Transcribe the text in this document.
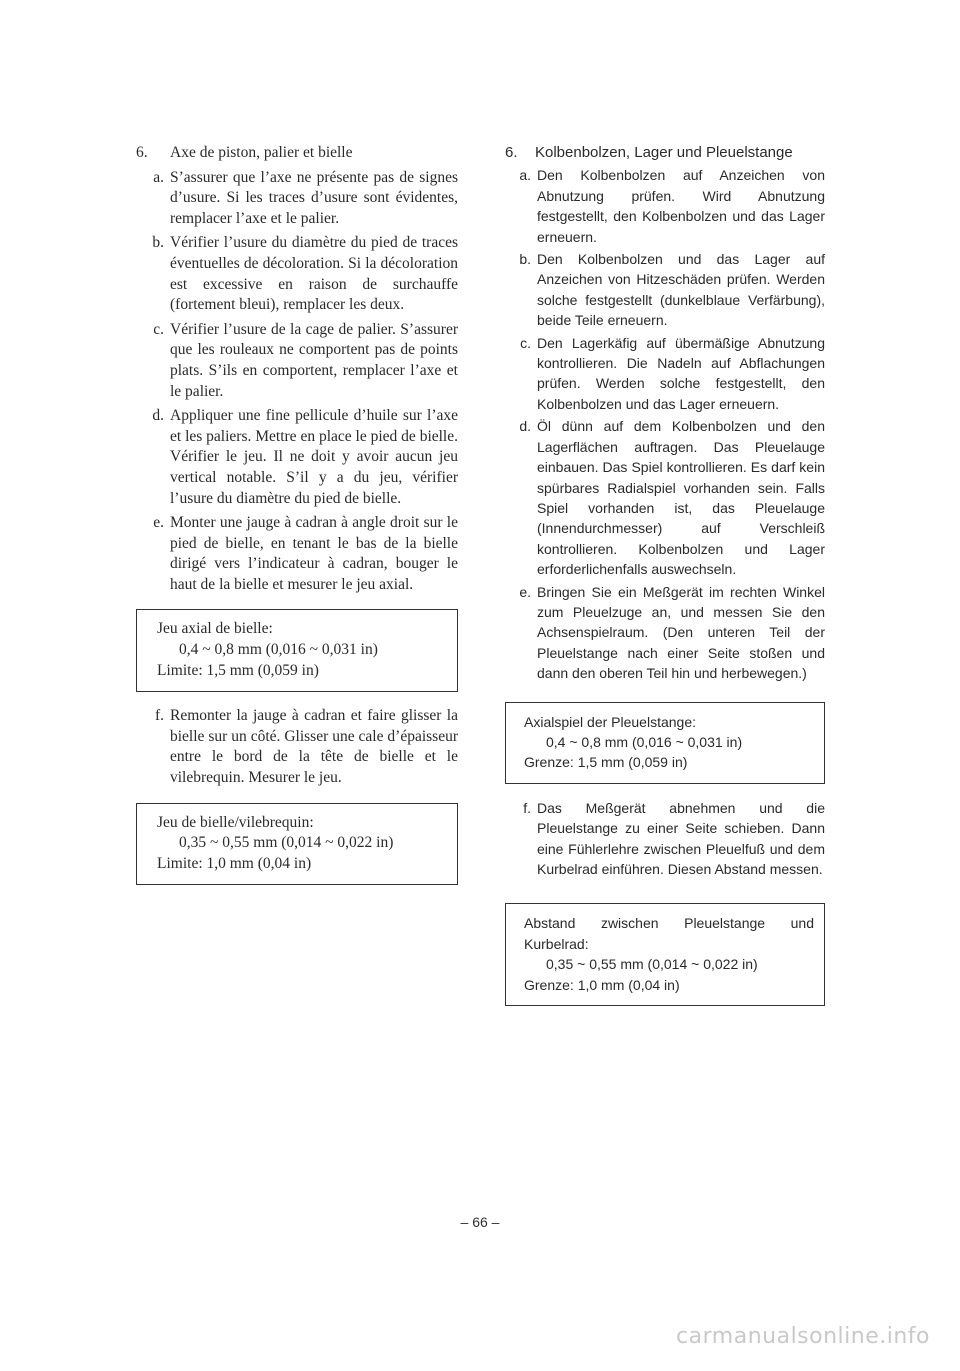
6. Axe de piston, palier et bielle
a. S’assurer que l’axe ne présente pas de signes d’usure. Si les traces d’usure sont évidentes, remplacer l’axe et le palier.
b. Vérifier l’usure du diamètre du pied de traces éventuelles de décoloration. Si la décoloration est excessive en raison de surchauffe (fortement bleui), remplacer les deux.
c. Vérifier l’usure de la cage de palier. S’assurer que les rouleaux ne comportent pas de points plats. S’ils en comportent, remplacer l’axe et le palier.
d. Appliquer une fine pellicule d’huile sur l’axe et les paliers. Mettre en place le pied de bielle. Vérifier le jeu. Il ne doit y avoir aucun jeu vertical notable. S’il y a du jeu, vérifier l’usure du diamètre du pied de bielle.
e. Monter une jauge à cadran à angle droit sur le pied de bielle, en tenant le bas de la bielle dirigé vers l’indicateur à cadran, bouger le haut de la bielle et mesurer le jeu axial.
Jeu axial de bielle:
0,4 ~ 0,8 mm (0,016 ~ 0,031 in)
Limite: 1,5 mm (0,059 in)
f. Remonter la jauge à cadran et faire glisser la bielle sur un côté. Glisser une cale d’épaisseur entre le bord de la tête de bielle et le vilebrequin. Mesurer le jeu.
Jeu de bielle/vilebrequin:
0,35 ~ 0,55 mm (0,014 ~ 0,022 in)
Limite: 1,0 mm (0,04 in)
6. Kolbenbolzen, Lager und Pleuelstange
a. Den Kolbenbolzen auf Anzeichen von Abnutzung prüfen. Wird Abnutzung festgestellt, den Kolbenbolzen und das Lager erneuern.
b. Den Kolbenbolzen und das Lager auf Anzeichen von Hitzeschäden prüfen. Werden solche festgestellt (dunkelblaue Verfärbung), beide Teile erneuern.
c. Den Lagerkäfig auf übermäßige Abnutzung kontrollieren. Die Nadeln auf Abflachungen prüfen. Werden solche festgestellt, den Kolbenbolzen und das Lager erneuern.
d. Öl dünn auf dem Kolbenbolzen und den Lagerflächen auftragen. Das Pleuelauge einbauen. Das Spiel kontrollieren. Es darf kein spürbares Radialspiel vorhanden sein. Falls Spiel vorhanden ist, das Pleuelauge (Innendurchmesser) auf Verschleiß kontrollieren. Kolbenbolzen und Lager erforderlichenfalls auswechseln.
e. Bringen Sie ein Meßgerät im rechten Winkel zum Pleuelzuge an, und messen Sie den Achsenspielraum. (Den unteren Teil der Pleuelstange nach einer Seite stoßen und dann den oberen Teil hin und herbewegen.)
Axialspiel der Pleuelstange:
0,4 ~ 0,8 mm (0,016 ~ 0,031 in)
Grenze: 1,5 mm (0,059 in)
f. Das Meßgerät abnehmen und die Pleuelstange zu einer Seite schieben. Dann eine Fühlerlehre zwischen Pleuelfuß und dem Kurbelrad einführen. Diesen Abstand messen.
Abstand zwischen Pleuelstange und Kurbelrad:
0,35 ~ 0,55 mm (0,014 ~ 0,022 in)
Grenze: 1,0 mm (0,04 in)
– 66 –
carmanualsonline.info
